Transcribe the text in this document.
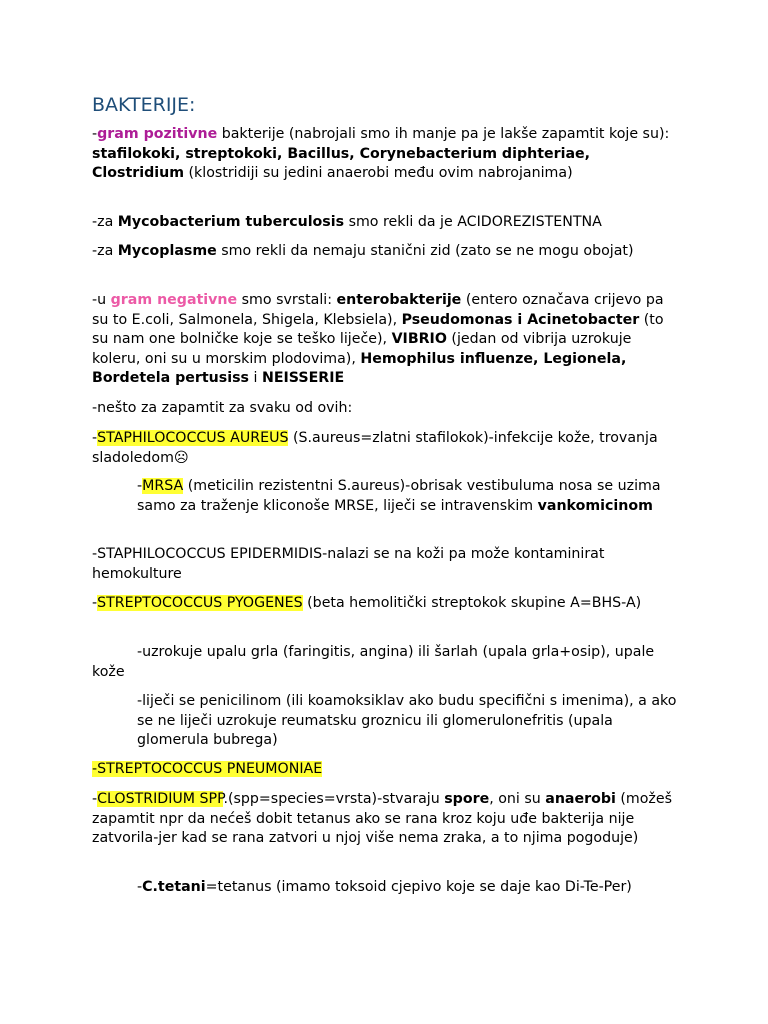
BAKTERIJE:

-gram pozitivne bakterije (nabrojali smo ih manje pa je lakše zapamtit koje su): stafilokoki, streptokoki, Bacillus, Corynebacterium diphteriae, Clostridium (klostridiji su jedini anaerobi među ovim nabrojanima)

-za Mycobacterium tuberculosis smo rekli da je ACIDOREZISTENTNA

-za Mycoplasme smo rekli da nemaju stanični zid (zato se ne mogu obojat)

-u gram negativne smo svrstali: enterobakterije (entero označava crijevo pa su to E.coli, Salmonela, Shigela, Klebsiela), Pseudomonas i Acinetobacter (to su nam one bolničke koje se teško liječe), VIBRIO (jedan od vibrija uzrokuje koleru, oni su u morskim plodovima), Hemophilus influenze, Legionela, Bordetela pertusiss i NEISSERIE

-nešto za zapamtit za svaku od ovih:

-STAPHILOCOCCUS AUREUS (S.aureus=zlatni stafilokok)-infekcije kože, trovanja sladoledom☹

-MRSA (meticilin rezistentni S.aureus)-obrisak vestibuluma nosa se uzima samo za traženje kliconoše MRSE, liječi se intravenskim vankomicinom

-STAPHILOCOCCUS EPIDERMIDIS-nalazi se na koži pa može kontaminirat hemokulture

-STREPTOCOCCUS PYOGENES (beta hemolitički streptokok skupine A=BHS-A)

-uzrokuje upalu grla (faringitis, angina) ili šarlah (upala grla+osip), upale kože

-liječi se penicilinom (ili koamoksiklav ako budu specifični s imenima), a ako se ne liječi uzrokuje reumatsku groznicu ili glomerulonefritis (upala glomerula bubrega)

-STREPTOCOCCUS PNEUMONIAE

-CLOSTRIDIUM SPP.(spp=species=vrsta)-stvaraju spore, oni su anaerobi (možeš zapamtit npr da nećeš dobit tetanus ako se rana kroz koju uđe bakterija nije zatvorila-jer kad se rana zatvori u njoj više nema zraka, a to njima pogoduje)

-C.tetani=tetanus (imamo toksoid cjepivo koje se daje kao Di-Te-Per)
